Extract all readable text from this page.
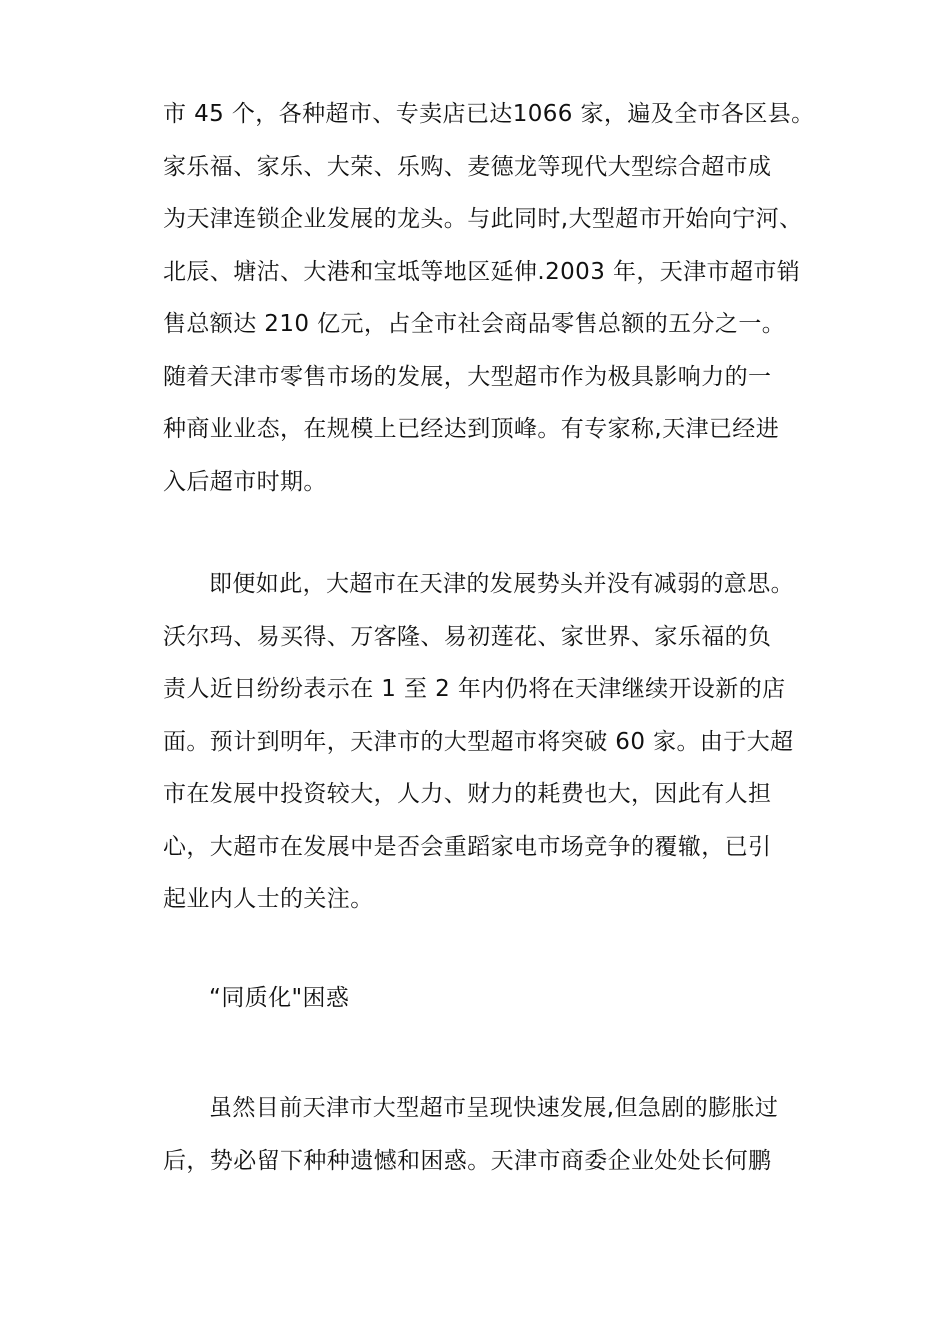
市 45 个，各种超市、专卖店已达1066 家，遍及全市各区县。
家乐福、家乐、大荣、乐购、麦德龙等现代大型综合超市成
为天津连锁企业发展的龙头。与此同时,大型超市开始向宁河、
北辰、塘沽、大港和宝坻等地区延伸.2003 年，天津市超市销
售总额达 210 亿元，占全市社会商品零售总额的五分之一。
随着天津市零售市场的发展，大型超市作为极具影响力的一
种商业业态，在规模上已经达到顶峰。有专家称,天津已经进
入后超市时期。
即便如此，大超市在天津的发展势头并没有减弱的意思。
沃尔玛、易买得、万客隆、易初莲花、家世界、家乐福的负
责人近日纷纷表示在 1 至 2 年内仍将在天津继续开设新的店
面。预计到明年，天津市的大型超市将突破 60 家。由于大超
市在发展中投资较大，人力、财力的耗费也大，因此有人担
心，大超市在发展中是否会重蹈家电市场竞争的覆辙，已引
起业内人士的关注。
“同质化"困惑
虽然目前天津市大型超市呈现快速发展,但急剧的膨胀过
后，势必留下种种遗憾和困惑。天津市商委企业处处长何鹏
